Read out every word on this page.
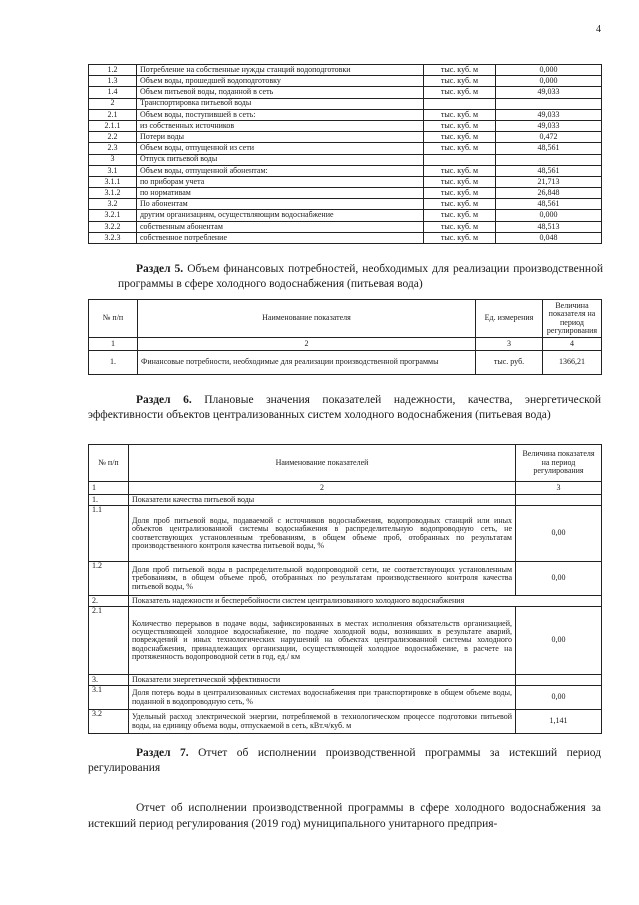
4
1.2	Потребление на собственные нужды станций водоподготовки	тыс. куб. м	0,000
1.3	Объем воды, прошедшей водоподготовку	тыс. куб. м	0,000
1.4	Объем питьевой воды, поданной в сеть	тыс. куб. м	49,033
2	Транспортировка питьевой воды		
2.1	Объем воды, поступившей в сеть:	тыс. куб. м	49,033
2.1.1	из собственных источников	тыс. куб. м	49,033
2.2	Потери воды	тыс. куб. м	0,472
2.3	Объем воды, отпущенной из сети	тыс. куб. м	48,561
3	Отпуск питьевой воды		
3.1	Объем воды, отпущенной абонентам:	тыс. куб. м	48,561
3.1.1	по приборам учета	тыс. куб. м	21,713
3.1.2	по нормативам	тыс. куб. м	26,848
3.2	По абонентам	тыс. куб. м	48,561
3.2.1	другим организациям, осуществляющим водоснабжение	тыс. куб. м	0,000
3.2.2	собственным абонентам	тыс. куб. м	48,513
3.2.3	собственное потребление	тыс. куб. м	0,048
Раздел 5. Объем финансовых потребностей, необходимых для реализации производственной программы в сфере холодного водоснабжения (питьевая вода)
№ п/п	Наименование показателя	Ед. измерения	Величина показателя на период регулирования
1	2	3	4
1.	Финансовые потребности, необходимые для реализации производственной программы	тыс. руб.	1366,21
Раздел 6. Плановые значения показателей надежности, качества, энергетической эффективности объектов централизованных систем холодного водоснабжения (питьевая вода)
№ п/п	Наименование показателей	Величина показателя на период регулирования
1	2	3
1.	Показатели качества питьевой воды	
1.1	Доля проб питьевой воды, подаваемой с источников водоснабжения, водопроводных станций или иных объектов централизованной системы водоснабжения в распределительную водопроводную сеть, не соответствующих установленным требованиям, в общем объеме проб, отобранных по результатам производственного контроля качества питьевой воды, %	0,00
1.2	Доля проб питьевой воды в распределительной водопроводной сети, не соответствующих установленным требованиям, в общем объеме проб, отобранных по результатам производственного контроля качества питьевой воды, %	0,00
2.	Показатель надежности и бесперебойности систем централизованного холодного водоснабжения	
2.1	Количество перерывов в подаче воды, зафиксированных в местах исполнения обязательств организацией, осуществляющей холодное водоснабжение, по подаче холодной воды, возникших в результате аварий, повреждений и иных технологических нарушений на объектах централизованной системы холодного водоснабжения, принадлежащих организации, осуществляющей холодное водоснабжение, в расчете на протяженность водопроводной сети в год, ед./ км	0,00
3.	Показатели энергетической эффективности	
3.1	Доля потерь воды в централизованных системах водоснабжения при транспортировке в общем объеме воды, поданной в водопроводную сеть, %	0,00
3.2	Удельный расход электрической энергии, потребляемой в технологическом процессе подготовки питьевой воды, на единицу объема воды, отпускаемой в сеть, кВт.ч/куб. м	1,141
Раздел 7. Отчет об исполнении производственной программы за истекший период регулирования
Отчет об исполнении производственной программы в сфере холодного водоснабжения за истекший период регулирования (2019 год) муниципального унитарного предприя-
